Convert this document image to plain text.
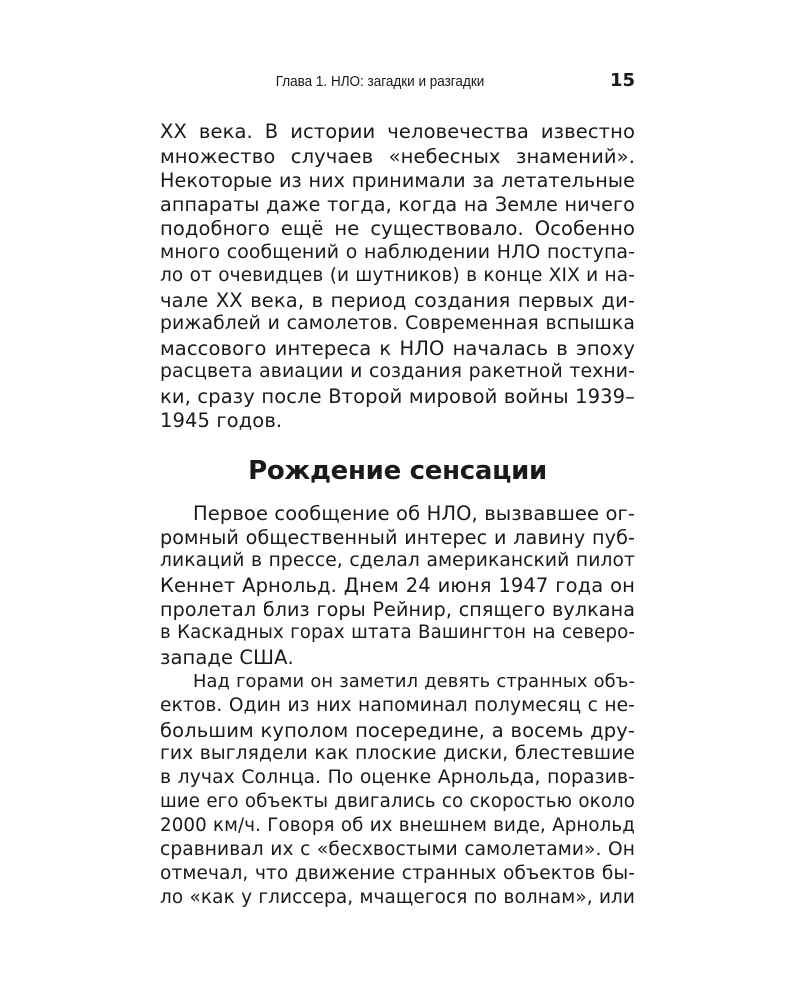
Глава 1. НЛО: загадки и разгадки	15
XX века. В истории человечества известно
множество случаев «небесных знамений».
Некоторые из них принимали за летательные
аппараты даже тогда, когда на Земле ничего
подобного ещё не существовало. Особенно
много сообщений о наблюдении НЛО поступа-
ло от очевидцев (и шутников) в конце XIX и на-
чале XX века, в период создания первых ди-
рижаблей и самолетов. Современная вспышка
массового интереса к НЛО началась в эпоху
расцвета авиации и создания ракетной техни-
ки, сразу после Второй мировой войны 1939–
1945 годов.
Рождение сенсации
Первое сообщение об НЛО, вызвавшее ог-
ромный общественный интерес и лавину пуб-
ликаций в прессе, сделал американский пилот
Кеннет Арнольд. Днем 24 июня 1947 года он
пролетал близ горы Рейнир, спящего вулкана
в Каскадных горах штата Вашингтон на северо-
западе США.
Над горами он заметил девять странных объ-
ектов. Один из них напоминал полумесяц с не-
большим куполом посередине, а восемь дру-
гих выглядели как плоские диски, блестевшие
в лучах Солнца. По оценке Арнольда, поразив-
шие его объекты двигались со скоростью около
2000 км/ч. Говоря об их внешнем виде, Арнольд
сравнивал их с «бесхвостыми самолетами». Он
отмечал, что движение странных объектов бы-
ло «как у глиссера, мчащегося по волнам», или
